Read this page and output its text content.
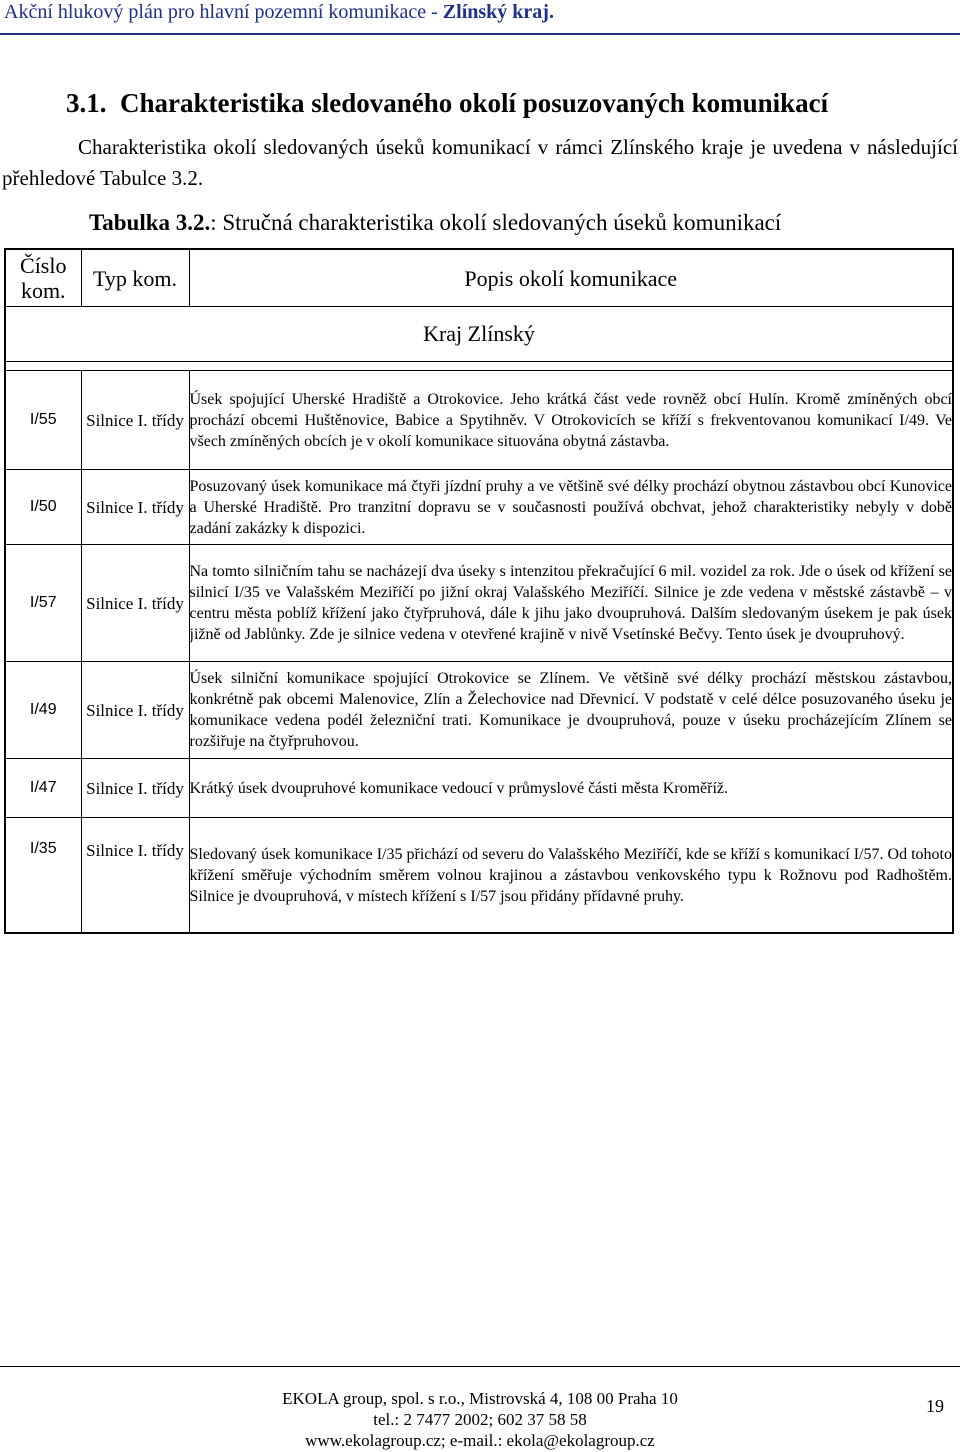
Akční hlukový plán pro hlavní pozemní komunikace - Zlínský kraj.
3.1. Charakteristika sledovaného okolí posuzovaných komunikací
Charakteristika okolí sledovaných úseků komunikací v rámci Zlínského kraje je uvedena v následující přehledové Tabulce 3.2.
Tabulka 3.2.: Stručná charakteristika okolí sledovaných úseků komunikací
Číslo kom.	Typ kom.	Popis okolí komunikace
Kraj Zlínský		

I/55	Silnice I. třídy	Úsek spojující Uherské Hradiště a Otrokovice. Jeho krátká část vede rovněž obcí Hulín. Kromě zmíněných obcí prochází obcemi Huštěnovice, Babice a Spytihněv. V Otrokovicích se kříží s frekventovanou komunikací I/49. Ve všech zmíněných obcích je v okolí komunikace situována obytná zástavba.
I/50	Silnice I. třídy	Posuzovaný úsek komunikace má čtyři jízdní pruhy a ve většině své délky prochází obytnou zástavbou obcí Kunovice a Uherské Hradiště. Pro tranzitní dopravu se v současnosti používá obchvat, jehož charakteristiky nebyly v době zadání zakázky k dispozici.
I/57	Silnice I. třídy	Na tomto silničním tahu se nacházejí dva úseky s intenzitou překračující 6 mil. vozidel za rok. Jde o úsek od křížení se silnicí I/35 ve Valašském Meziříčí po jižní okraj Valašského Meziříčí. Silnice je zde vedena v městské zástavbě – v centru města poblíž křížení jako čtyřpruhová, dále k jihu jako dvoupruhová. Dalším sledovaným úsekem je pak úsek jižně od Jablůnky. Zde je silnice vedena v otevřené krajině v nivě Vsetínské Bečvy. Tento úsek je dvoupruhový.
I/49	Silnice I. třídy	Úsek silniční komunikace spojující Otrokovice se Zlínem. Ve většině své délky prochází městskou zástavbou, konkrétně pak obcemi Malenovice, Zlín a Želechovice nad Dřevnicí. V podstatě v celé délce posuzovaného úseku je komunikace vedena podél železniční trati. Komunikace je dvoupruhová, pouze v úseku procházejícím Zlínem se rozšiřuje na čtyřpruhovou.
I/47	Silnice I. třídy	Krátký úsek dvoupruhové komunikace vedoucí v průmyslové části města Kroměříž.
I/35	Silnice I. třídy	Sledovaný úsek komunikace I/35 přichází od severu do Valašského Meziříčí, kde se kříží s komunikací I/57. Od tohoto křížení směřuje východním směrem volnou krajinou a zástavbou venkovského typu k Rožnovu pod Radhoštěm. Silnice je dvoupruhová, v místech křížení s I/57 jsou přidány přídavné pruhy.
EKOLA group, spol. s r.o., Mistrovská 4, 108 00 Praha 10
tel.: 2 7477 2002; 602 37 58 58
www.ekolagroup.cz; e-mail.: ekola@ekolagroup.cz
19
